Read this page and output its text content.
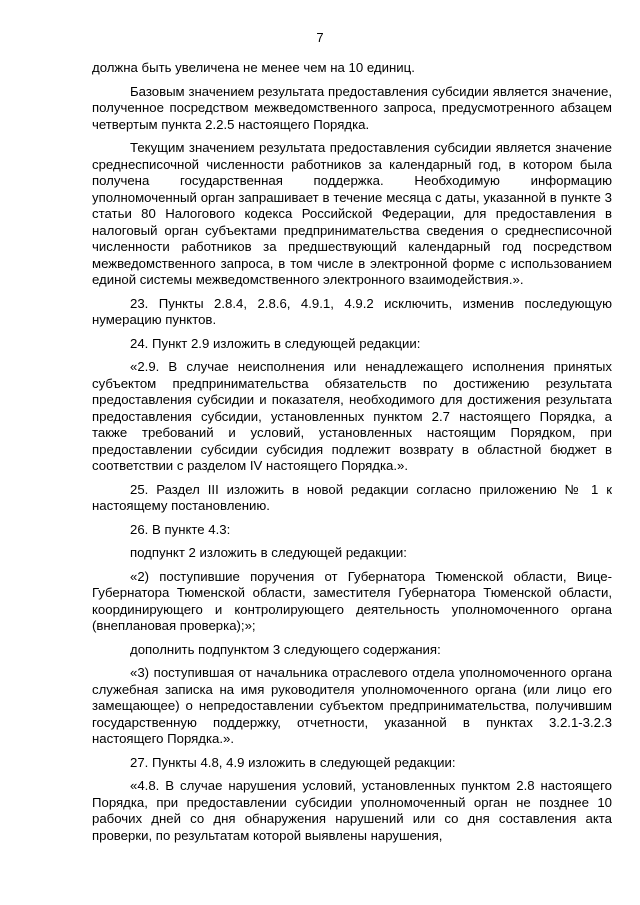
7

должна быть увеличена не менее чем на 10 единиц.

Базовым значением результата предоставления субсидии является значение, полученное посредством межведомственного запроса, предусмотренного абзацем четвертым пункта 2.2.5 настоящего Порядка.

Текущим значением результата предоставления субсидии является значение среднесписочной численности работников за календарный год, в котором была получена государственная поддержка. Необходимую информацию уполномоченный орган запрашивает в течение месяца с даты, указанной в пункте 3 статьи 80 Налогового кодекса Российской Федерации, для предоставления в налоговый орган субъектами предпринимательства сведения о среднесписочной численности работников за предшествующий календарный год посредством межведомственного запроса, в том числе в электронной форме с использованием единой системы межведомственного электронного взаимодействия.».

23. Пункты 2.8.4, 2.8.6, 4.9.1, 4.9.2 исключить, изменив последующую нумерацию пунктов.

24. Пункт 2.9 изложить в следующей редакции:

«2.9. В случае неисполнения или ненадлежащего исполнения принятых субъектом предпринимательства обязательств по достижению результата предоставления субсидии и показателя, необходимого для достижения результата предоставления субсидии, установленных пунктом 2.7 настоящего Порядка, а также требований и условий, установленных настоящим Порядком, при предоставлении субсидии субсидия подлежит возврату в областной бюджет в соответствии с разделом IV настоящего Порядка.».

25. Раздел III изложить в новой редакции согласно приложению № 1 к настоящему постановлению.

26. В пункте 4.3:

подпункт 2 изложить в следующей редакции:

«2) поступившие поручения от Губернатора Тюменской области, Вице-Губернатора Тюменской области, заместителя Губернатора Тюменской области, координирующего и контролирующего деятельность уполномоченного органа (внеплановая проверка);»;

дополнить подпунктом 3 следующего содержания:

«3) поступившая от начальника отраслевого отдела уполномоченного органа служебная записка на имя руководителя уполномоченного органа (или лицо его замещающее) о непредоставлении субъектом предпринимательства, получившим государственную поддержку, отчетности, указанной в пунктах 3.2.1-3.2.3 настоящего Порядка.».

27. Пункты 4.8, 4.9 изложить в следующей редакции:

«4.8. В случае нарушения условий, установленных пунктом 2.8 настоящего Порядка, при предоставлении субсидии уполномоченный орган не позднее 10 рабочих дней со дня обнаружения нарушений или со дня составления акта проверки, по результатам которой выявлены нарушения,
